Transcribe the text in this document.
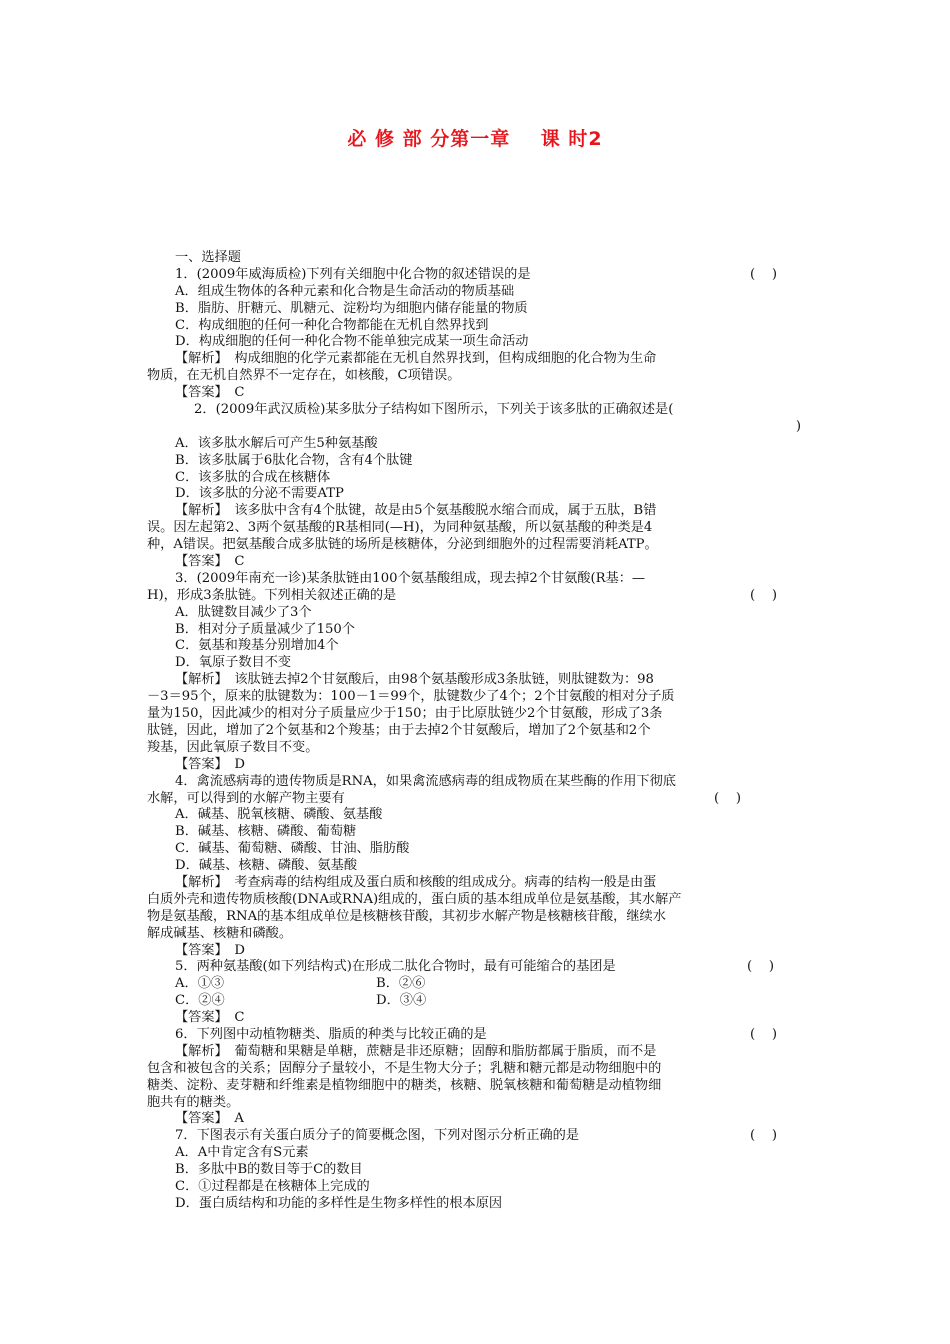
必 修 部 分第一章    课 时2
一、选择题
1．(2009年威海质检)下列有关细胞中化合物的叙述错误的是	(    )
A．组成生物体的各种元素和化合物是生命活动的物质基础
B．脂肪、肝糖元、肌糖元、淀粉均为细胞内储存能量的物质
C．构成细胞的任何一种化合物都能在无机自然界找到
D．构成细胞的任何一种化合物不能单独完成某一项生命活动
【解析】　构成细胞的化学元素都能在无机自然界找到，但构成细胞的化合物为生命
物质，在无机自然界不一定存在，如核酸，C项错误。
【答案】　C
2．(2009年武汉质检)某多肽分子结构如下图所示，下列关于该多肽的正确叙述是(
)
A．该多肽水解后可产生5种氨基酸
B．该多肽属于6肽化合物，含有4个肽键
C．该多肽的合成在核糖体
D．该多肽的分泌不需要ATP
【解析】　该多肽中含有4个肽键，故是由5个氨基酸脱水缩合而成，属于五肽，B错
误。因左起第2、3两个氨基酸的R基相同(—H)，为同种氨基酸，所以氨基酸的种类是4
种，A错误。把氨基酸合成多肽链的场所是核糖体，分泌到细胞外的过程需要消耗ATP。
【答案】　C
3．(2009年南充一诊)某条肽链由100个氨基酸组成，现去掉2个甘氨酸(R基：—
H)，形成3条肽链。下列相关叙述正确的是	(    )
A．肽键数目减少了3个
B．相对分子质量减少了150个
C．氨基和羧基分别增加4个
D．氧原子数目不变
【解析】　该肽链去掉2个甘氨酸后，由98个氨基酸形成3条肽链，则肽键数为：98
－3＝95个，原来的肽键数为：100－1＝99个，肽键数少了4个；2个甘氨酸的相对分子质
量为150，因此减少的相对分子质量应少于150；由于比原肽链少2个甘氨酸，形成了3条
肽链，因此，增加了2个氨基和2个羧基；由于去掉2个甘氨酸后，增加了2个氨基和2个
羧基，因此氧原子数目不变。
【答案】　D
4．禽流感病毒的遗传物质是RNA，如果禽流感病毒的组成物质在某些酶的作用下彻底
水解，可以得到的水解产物主要有	(    )
A．碱基、脱氧核糖、磷酸、氨基酸
B．碱基、核糖、磷酸、葡萄糖
C．碱基、葡萄糖、磷酸、甘油、脂肪酸
D．碱基、核糖、磷酸、氨基酸
【解析】　考查病毒的结构组成及蛋白质和核酸的组成成分。病毒的结构一般是由蛋
白质外壳和遗传物质核酸(DNA或RNA)组成的，蛋白质的基本组成单位是氨基酸，其水解产
物是氨基酸，RNA的基本组成单位是核糖核苷酸，其初步水解产物是核糖核苷酸，继续水
解成碱基、核糖和磷酸。
【答案】　D
5．两种氨基酸(如下列结构式)在形成二肽化合物时，最有可能缩合的基团是	(    )
A．①③	B．②⑥
C．②④	D．③④
【答案】　C
6．下列图中动植物糖类、脂质的种类与比较正确的是	(    )
【解析】　葡萄糖和果糖是单糖，蔗糖是非还原糖；固醇和脂肪都属于脂质，而不是
包含和被包含的关系；固醇分子量较小，不是生物大分子；乳糖和糖元都是动物细胞中的
糖类、淀粉、麦芽糖和纤维素是植物细胞中的糖类，核糖、脱氧核糖和葡萄糖是动植物细
胞共有的糖类。
【答案】　A
7．下图表示有关蛋白质分子的简要概念图，下列对图示分析正确的是	(    )
A．A中肯定含有S元素
B．多肽中B的数目等于C的数目
C．①过程都是在核糖体上完成的
D．蛋白质结构和功能的多样性是生物多样性的根本原因
